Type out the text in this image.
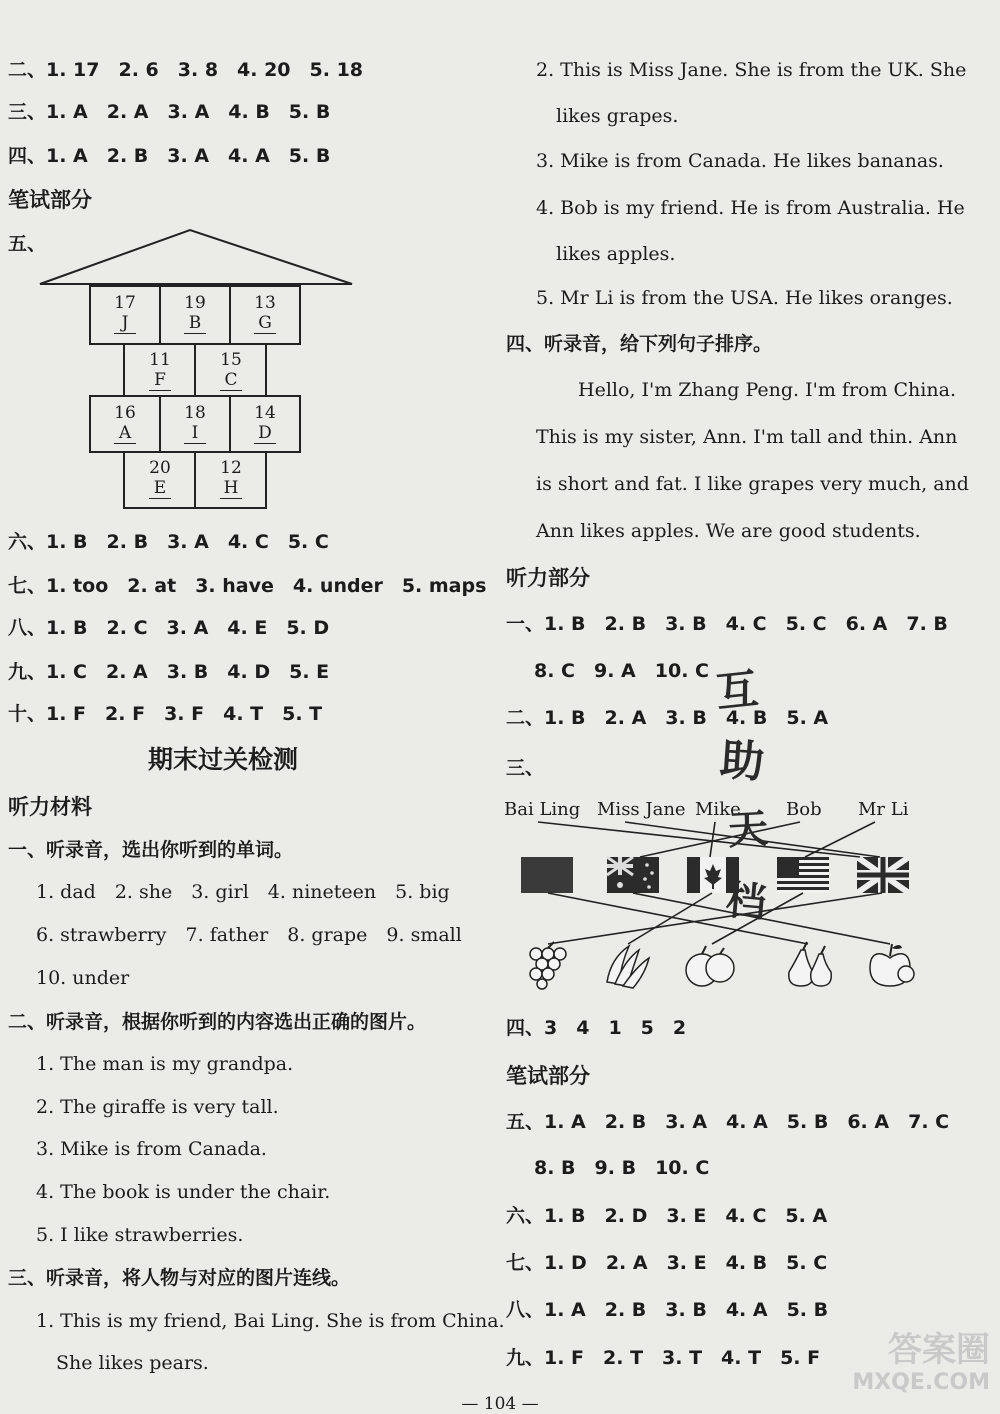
二、1. 17　2. 6　3. 8　4. 20　5. 18
三、1. A　2. A　3. A　4. B　5. B
四、1. A　2. B　3. A　4. A　5. B
笔试部分
五、
17
J
19
B
13
G
11
F
15
C
16
A
18
I
14
D
20
E
12
H
六、1. B　2. B　3. A　4. C　5. C
七、1. too　2. at　3. have　4. under　5. maps
八、1. B　2. C　3. A　4. E　5. D
九、1. C　2. A　3. B　4. D　5. E
十、1. F　2. F　3. F　4. T　5. T
期末过关检测
听力材料
一、听录音，选出你听到的单词。
1. dad　2. she　3. girl　4. nineteen　5. big
6. strawberry　7. father　8. grape　9. small
10. under
二、听录音，根据你听到的内容选出正确的图片。
1. The man is my grandpa.
2. The giraffe is very tall.
3. Mike is from Canada.
4. The book is under the chair.
5. I like strawberries.
三、听录音，将人物与对应的图片连线。
1. This is my friend, Bai Ling. She is from China.
She likes pears.
2. This is Miss Jane. She is from the UK. She
likes grapes.
3. Mike is from Canada. He likes bananas.
4. Bob is my friend. He is from Australia. He
likes apples.
5. Mr Li is from the USA. He likes oranges.
四、听录音，给下列句子排序。
Hello, I'm Zhang Peng. I'm from China.
This is my sister, Ann. I'm tall and thin. Ann
is short and fat. I like grapes very much, and
Ann likes apples. We are good students.
听力部分
一、1. B　2. B　3. B　4. C　5. C　6. A　7. B
8. C　9. A　10. C
二、1. B　2. A　3. B　4. B　5. A
三、
Bai Ling Miss Jane Mike	Bob Mr Li
互
助
天
档
四、3　4　1　5　2
笔试部分
五、1. A　2. B　3. A　4. A　5. B　6. A　7. C
8. B　9. B　10. C
六、1. B　2. D　3. E　4. C　5. A
七、1. D　2. A　3. E　4. B　5. C
八、1. A　2. B　3. B　4. A　5. B
九、1. F　2. T　3. T　4. T　5. F	答案圈
MXQE.COM
— 104 —
